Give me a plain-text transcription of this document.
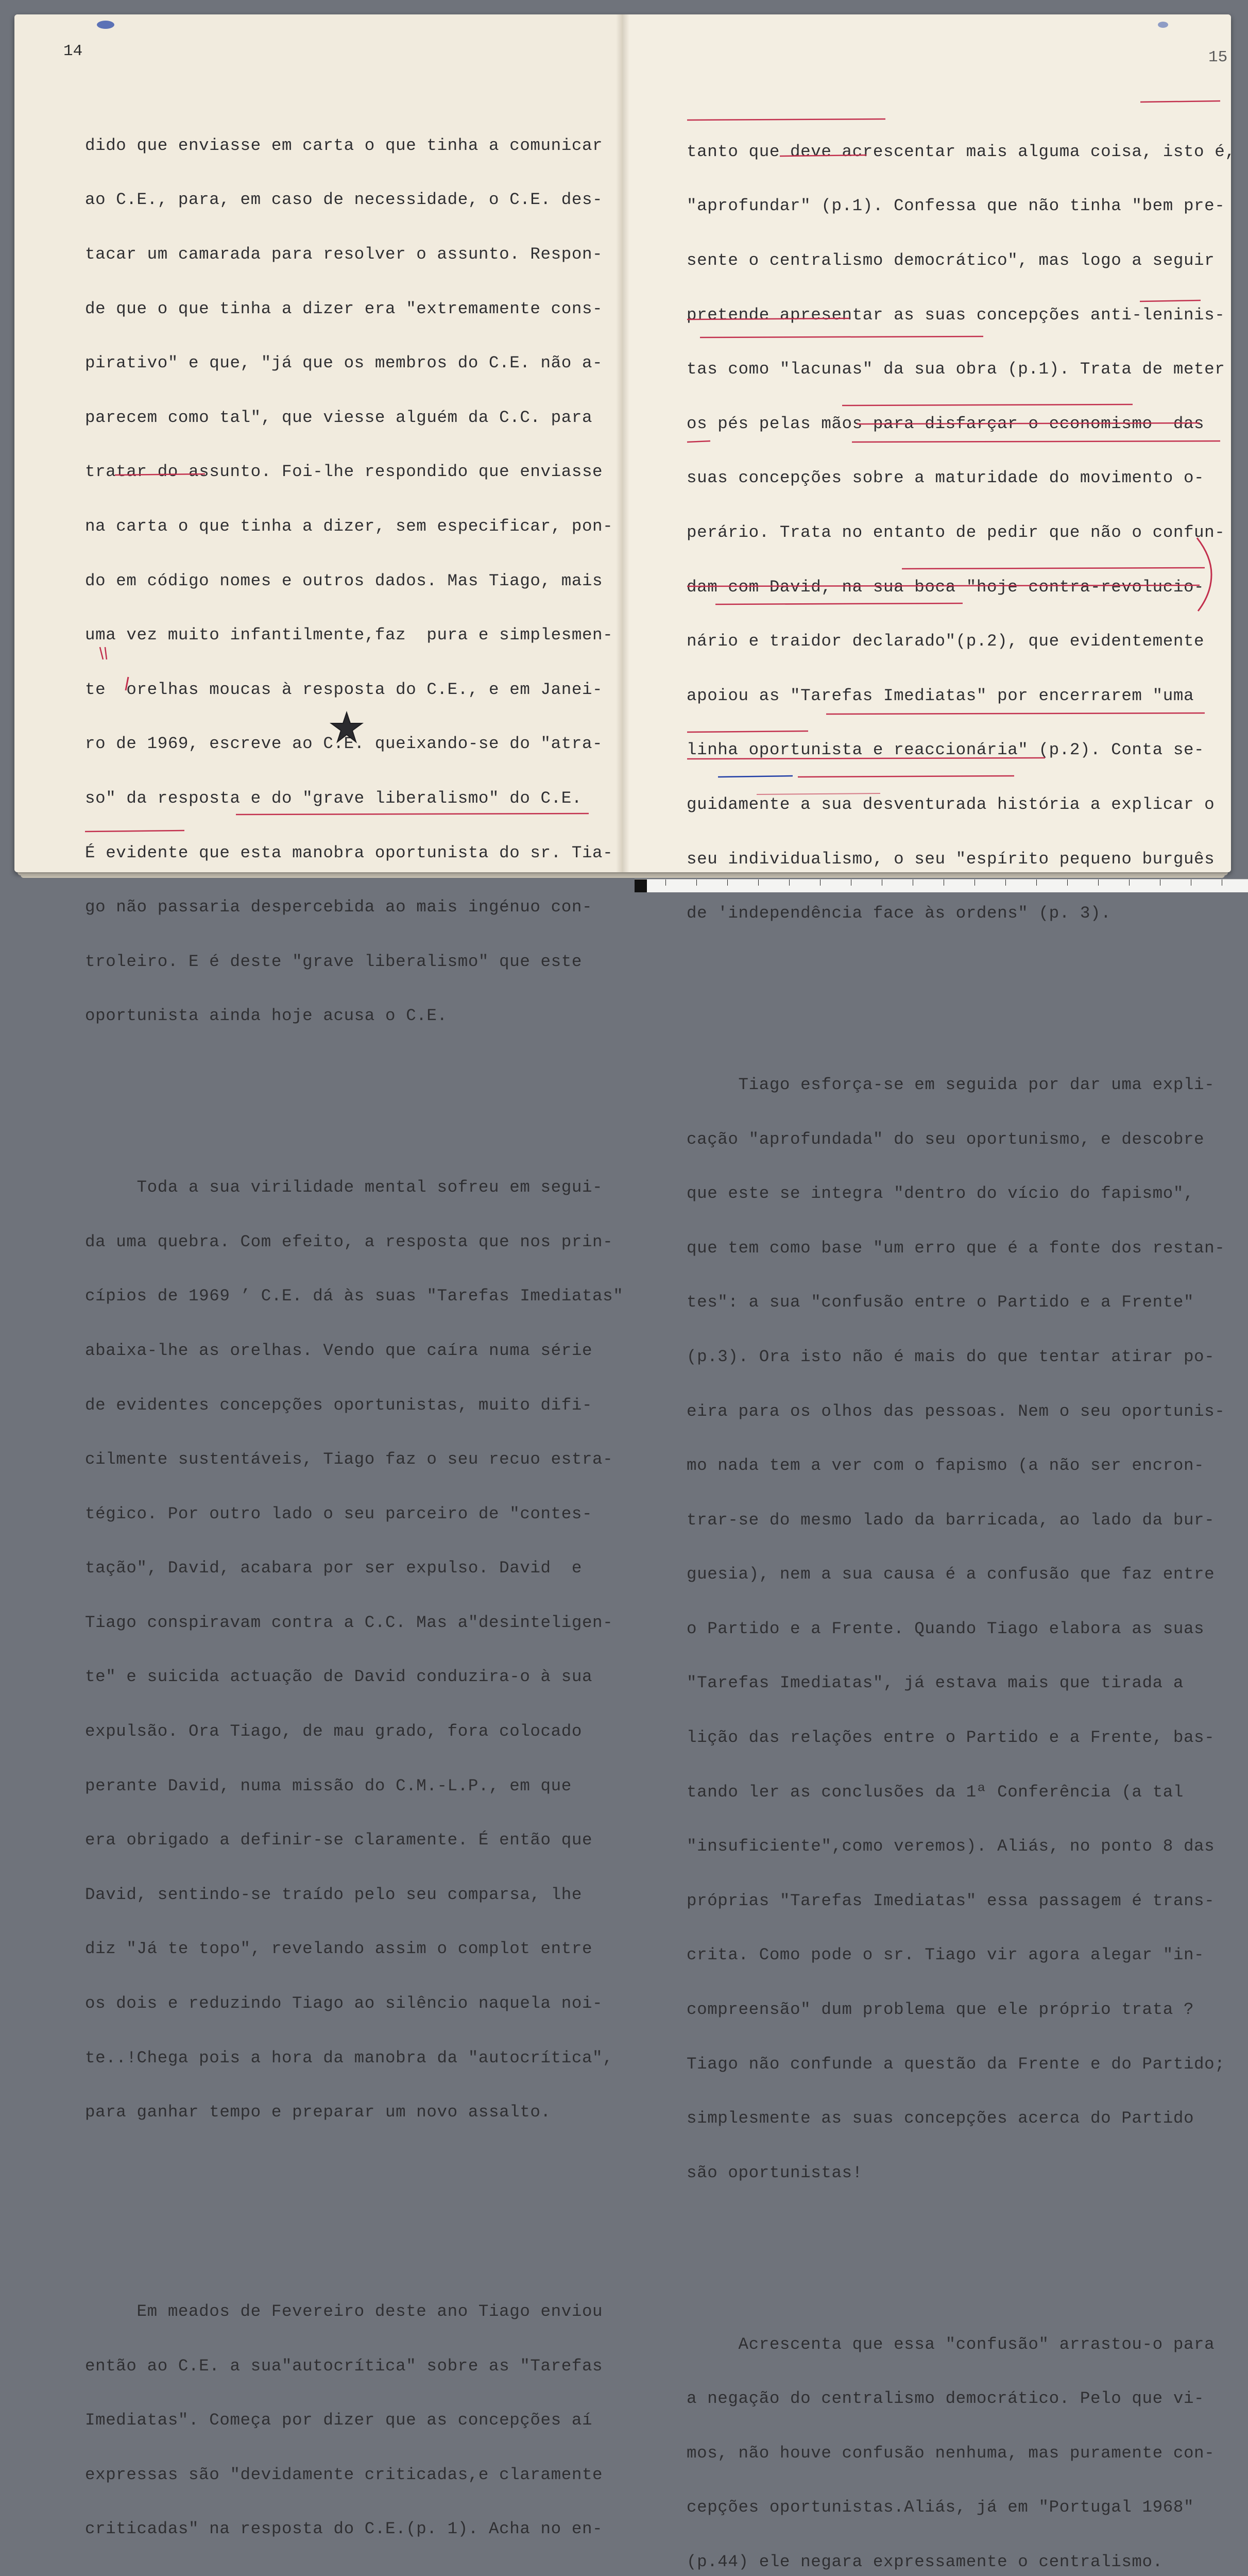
14	15

dido que enviasse em carta o que tinha a comunicar

ao C.E., para, em caso de necessidade, o C.E. des-

tacar um camarada para resolver o assunto. Respon-

de que o que tinha a dizer era "extremamente cons-

pirativo" e que, "já que os membros do C.E. não a-

parecem como tal", que viesse alguém da C.C. para

tratar do assunto. Foi-lhe respondido que enviasse

na carta o que tinha a dizer, sem especificar, pon-

do em código nomes e outros dados. Mas Tiago, mais

uma vez muito infantilmente,faz  pura e simplesmen-

te  orelhas moucas à resposta do C.E., e em Janei-

ro de 1969, escreve ao C.E. queixando-se do "atra-

so" da resposta e do "grave liberalismo" do C.E.

É evidente que esta manobra oportunista do sr. Tia-

go não passaria despercebida ao mais ingénuo con-

troleiro. E é deste "grave liberalismo" que este

oportunista ainda hoje acusa o C.E.

Toda a sua virilidade mental sofreu em segui-

da uma quebra. Com efeito, a resposta que nos prin-

cípios de 1969 ’ C.E. dá às suas "Tarefas Imediatas"

abaixa-lhe as orelhas. Vendo que caíra numa série

de evidentes concepções oportunistas, muito difi-

cilmente sustentáveis, Tiago faz o seu recuo estra-

tégico. Por outro lado o seu parceiro de "contes-

tação", David, acabara por ser expulso. David  e

Tiago conspiravam contra a C.C. Mas a"desinteligen-

te" e suicida actuação de David conduzira-o à sua

expulsão. Ora Tiago, de mau grado, fora colocado

perante David, numa missão do C.M.-L.P., em que

era obrigado a definir-se claramente. É então que

David, sentindo-se traído pelo seu comparsa, lhe

diz "Já te topo", revelando assim o complot entre

os dois e reduzindo Tiago ao silêncio naquela noi-

te..!Chega pois a hora da manobra da "autocrítica",

para ganhar tempo e preparar um novo assalto.

Em meados de Fevereiro deste ano Tiago enviou

então ao C.E. a sua"autocrítica" sobre as "Tarefas

Imediatas". Começa por dizer que as concepções aí

expressas são "devidamente criticadas,e claramente

criticadas" na resposta do C.E.(p. 1). Acha no en-

tanto que deve acrescentar mais alguma coisa, isto é,

"aprofundar" (p.1). Confessa que não tinha "bem pre-

sente o centralismo democrático", mas logo a seguir

pretende apresentar as suas concepções anti-leninis-

tas como "lacunas" da sua obra (p.1). Trata de meter

os pés pelas mãos para disfarçar o economismo  das

suas concepções sobre a maturidade do movimento o-

perário. Trata no entanto de pedir que não o confun-

dam com David, na sua boca "hoje contra-revolucio-

nário e traidor declarado"(p.2), que evidentemente

apoiou as "Tarefas Imediatas" por encerrarem "uma

linha oportunista e reaccionária" (p.2). Conta se-

guidamente a sua desventurada história a explicar o

seu individualismo, o seu "espírito pequeno burguês

de 'independência face às ordens" (p. 3).

Tiago esforça-se em seguida por dar uma expli-

cação "aprofundada" do seu oportunismo, e descobre

que este se integra "dentro do vício do fapismo",

que tem como base "um erro que é a fonte dos restan-

tes": a sua "confusão entre o Partido e a Frente"

(p.3). Ora isto não é mais do que tentar atirar po-

eira para os olhos das pessoas. Nem o seu oportunis-

mo nada tem a ver com o fapismo (a não ser encron-

trar-se do mesmo lado da barricada, ao lado da bur-

guesia), nem a sua causa é a confusão que faz entre

o Partido e a Frente. Quando Tiago elabora as suas

"Tarefas Imediatas", já estava mais que tirada a

lição das relações entre o Partido e a Frente, bas-

tando ler as conclusões da 1ª Conferência (a tal

"insuficiente",como veremos). Aliás, no ponto 8 das

próprias "Tarefas Imediatas" essa passagem é trans-

crita. Como pode o sr. Tiago vir agora alegar "in-

compreensão" dum problema que ele próprio trata ?

Tiago não confunde a questão da Frente e do Partido;

simplesmente as suas concepções acerca do Partido

são oportunistas!

Acrescenta que essa "confusão" arrastou-o para

a negação do centralismo democrático. Pelo que vi-

mos, não houve confusão nenhuma, mas puramente con-

cepções oportunistas.Aliás, já em "Portugal 1968"

(p.44) ele negara expressamente o centralismo.
